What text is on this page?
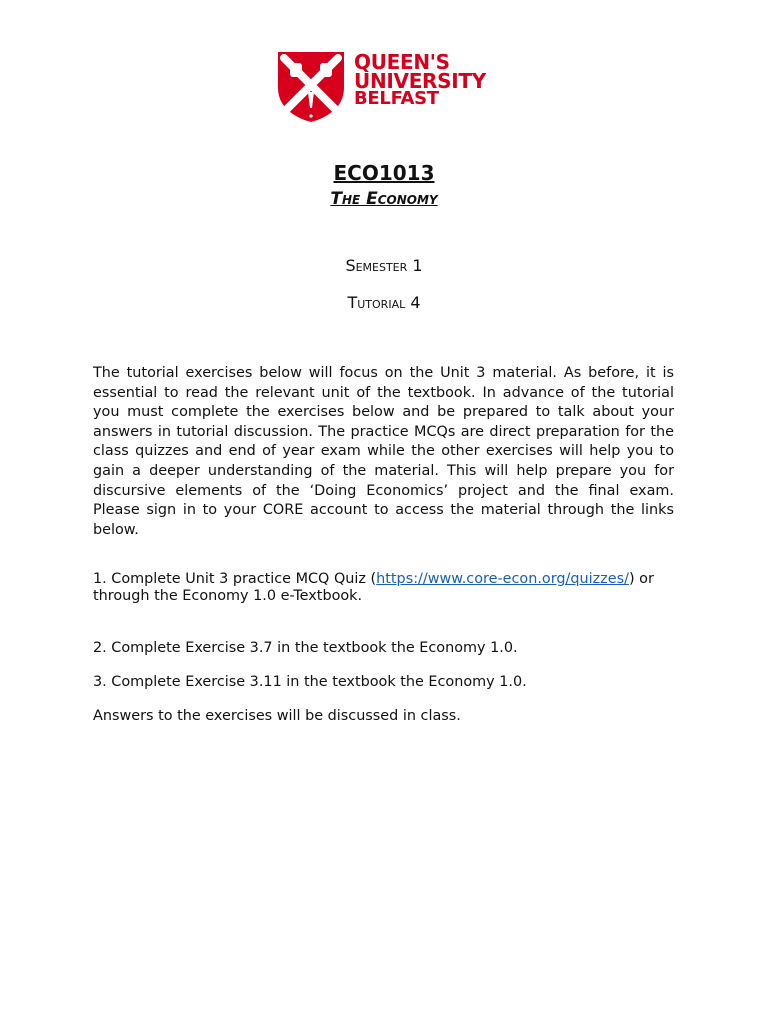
QUEEN'S
UNIVERSITY
BELFAST
ECO1013
The Economy
Semester 1
Tutorial 4

The tutorial exercises below will focus on the Unit 3 material. As before, it is essential to read the relevant unit of the textbook. In advance of the tutorial you must complete the exercises below and be prepared to talk about your answers in tutorial discussion. The practice MCQs are direct preparation for the class quizzes and end of year exam while the other exercises will help you to gain a deeper understanding of the material. This will help prepare you for discursive elements of the ‘Doing Economics’ project and the final exam. Please sign in to your CORE account to access the material through the links below.

1. Complete Unit 3 practice MCQ Quiz (https://www.core-econ.org/quizzes/) or through the Economy 1.0 e-Textbook.

2. Complete Exercise 3.7 in the textbook the Economy 1.0.

3. Complete Exercise 3.11 in the textbook the Economy 1.0.

Answers to the exercises will be discussed in class.
